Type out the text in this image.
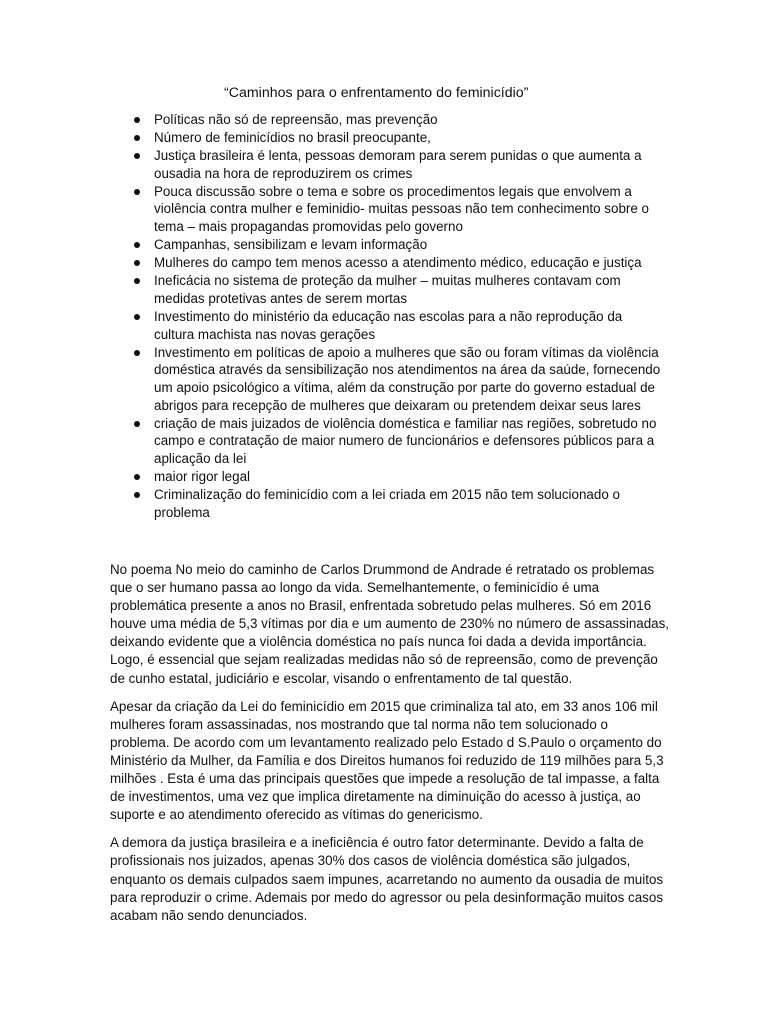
“Caminhos para o enfrentamento do feminicídio”
Políticas não só de repreensão, mas prevenção
Número de feminicídios no brasil preocupante,
Justiça brasileira é lenta, pessoas demoram para serem punidas o que aumenta a ousadia na hora de reproduzirem os crimes
Pouca discussão sobre o tema e sobre os procedimentos legais que envolvem a violência contra mulher e feminidio- muitas pessoas não tem conhecimento sobre o tema – mais propagandas promovidas pelo governo
Campanhas, sensibilizam e levam informação
Mulheres do campo tem menos acesso a atendimento médico, educação e justiça
Ineficácia no sistema de proteção da mulher – muitas mulheres contavam com medidas protetivas antes de serem mortas
Investimento do ministério da educação nas escolas para a não reprodução da cultura machista nas novas gerações
Investimento em políticas de apoio a mulheres que são ou foram vítimas da violência doméstica através da sensibilização nos atendimentos na área da saúde, fornecendo um apoio psicológico a vítima, além da construção por parte do governo estadual de abrigos para recepção de mulheres que deixaram ou pretendem deixar seus lares
criação de mais juizados de violência doméstica e familiar nas regiões, sobretudo no campo e contratação de maior numero de funcionários e defensores públicos para a aplicação da lei
maior rigor legal
Criminalização do feminicídio com a lei criada em 2015 não tem solucionado o problema

No poema No meio do caminho de Carlos Drummond de Andrade é retratado os problemas que o ser humano passa ao longo da vida. Semelhantemente, o feminicídio é uma problemática presente a anos no Brasil, enfrentada sobretudo pelas mulheres. Só em 2016 houve uma média de 5,3 vítimas por dia e um aumento de 230% no número de assassinadas, deixando evidente que a violência doméstica no país nunca foi dada a devida importância. Logo, é essencial que sejam realizadas medidas não só de repreensão, como de prevenção de cunho estatal, judiciário e escolar, visando o enfrentamento de tal questão.

Apesar da criação da Lei do feminicídio em 2015 que criminaliza tal ato, em 33 anos 106 mil mulheres foram assassinadas, nos mostrando que tal norma não tem solucionado o problema. De acordo com um levantamento realizado pelo Estado d S.Paulo o orçamento do Ministério da Mulher, da Família e dos Direitos humanos foi reduzido de 119 milhões para 5,3 milhões . Esta é uma das principais questões que impede a resolução de tal impasse, a falta de investimentos, uma vez que implica diretamente na diminuição do acesso à justiça, ao suporte e ao atendimento oferecido as vítimas do genericismo.

A demora da justiça brasileira e a ineficiência é outro fator determinante. Devido a falta de profissionais nos juizados, apenas 30% dos casos de violência doméstica são julgados, enquanto os demais culpados saem impunes, acarretando no aumento da ousadia de muitos para reproduzir o crime. Ademais por medo do agressor ou pela desinformação muitos casos acabam não sendo denunciados.
